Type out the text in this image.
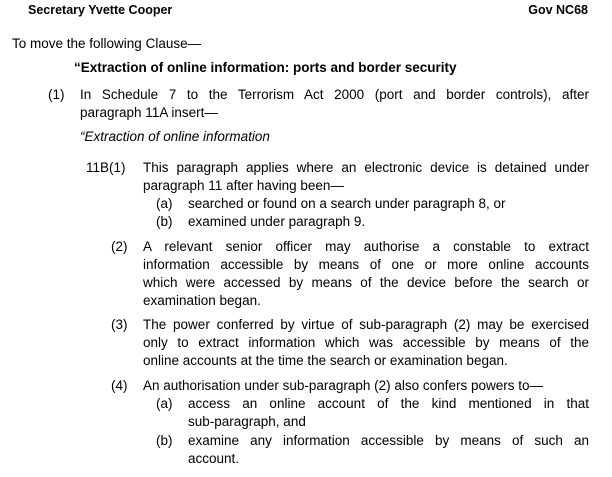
Secretary Yvette Cooper	Gov NC68
To move the following Clause—
“Extraction of online information: ports and border security
(1) In Schedule 7 to the Terrorism Act 2000 (port and border controls), after
paragraph 11A insert—
“Extraction of online information
11B(1) This paragraph applies where an electronic device is detained under
paragraph 11 after having been—
(a) searched or found on a search under paragraph 8, or
(b) examined under paragraph 9.
(2) A relevant senior officer may authorise a constable to extract
information accessible by means of one or more online accounts
which were accessed by means of the device before the search or
examination began.
(3) The power conferred by virtue of sub-paragraph (2) may be exercised
only to extract information which was accessible by means of the
online accounts at the time the search or examination began.
(4) An authorisation under sub-paragraph (2) also confers powers to—
(a) access an online account of the kind mentioned in that
sub-paragraph, and
(b) examine any information accessible by means of such an
account.
